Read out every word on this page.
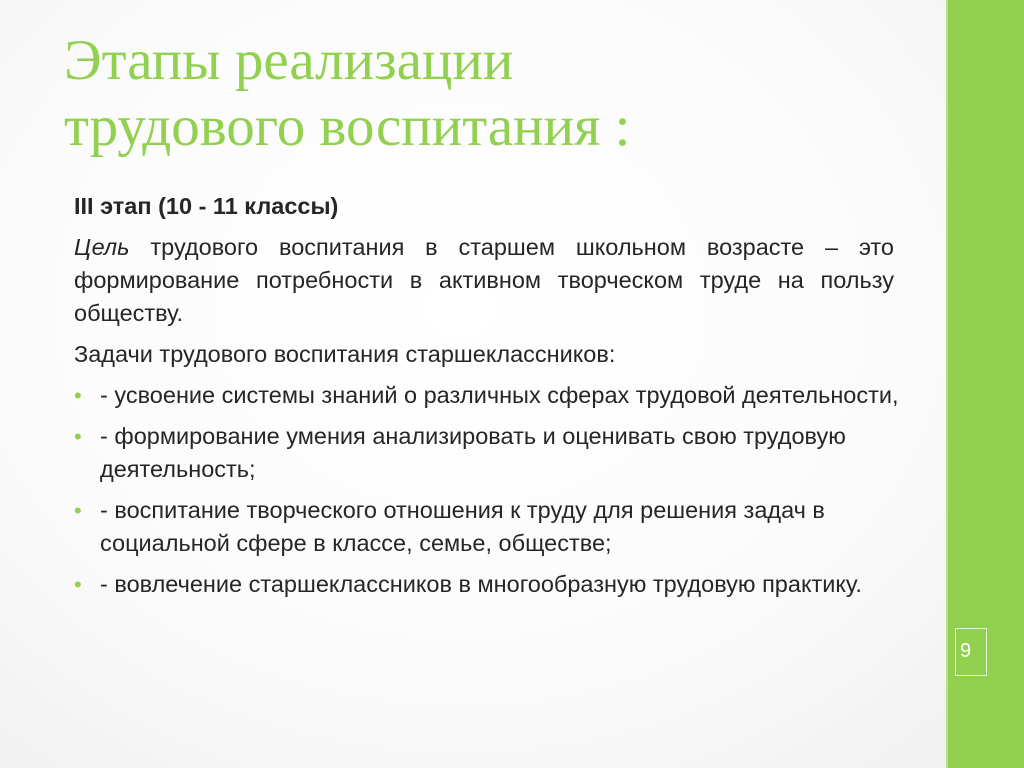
9
Этапы реализации
трудового воспитания :

III этап (10 - 11 классы)

Цель трудового воспитания в старшем школьном возрасте – это формирование потребности в активном творческом труде на пользу обществу.

Задачи трудового воспитания старшеклассников:

• - усвоение системы знаний о различных сферах трудовой деятельности,
• - формирование умения анализировать и оценивать свою трудовую деятельность;
• - воспитание творческого отношения к труду для решения задач в социальной сфере в классе, семье, обществе;
• - вовлечение старшеклассников в многообразную трудовую практику.
